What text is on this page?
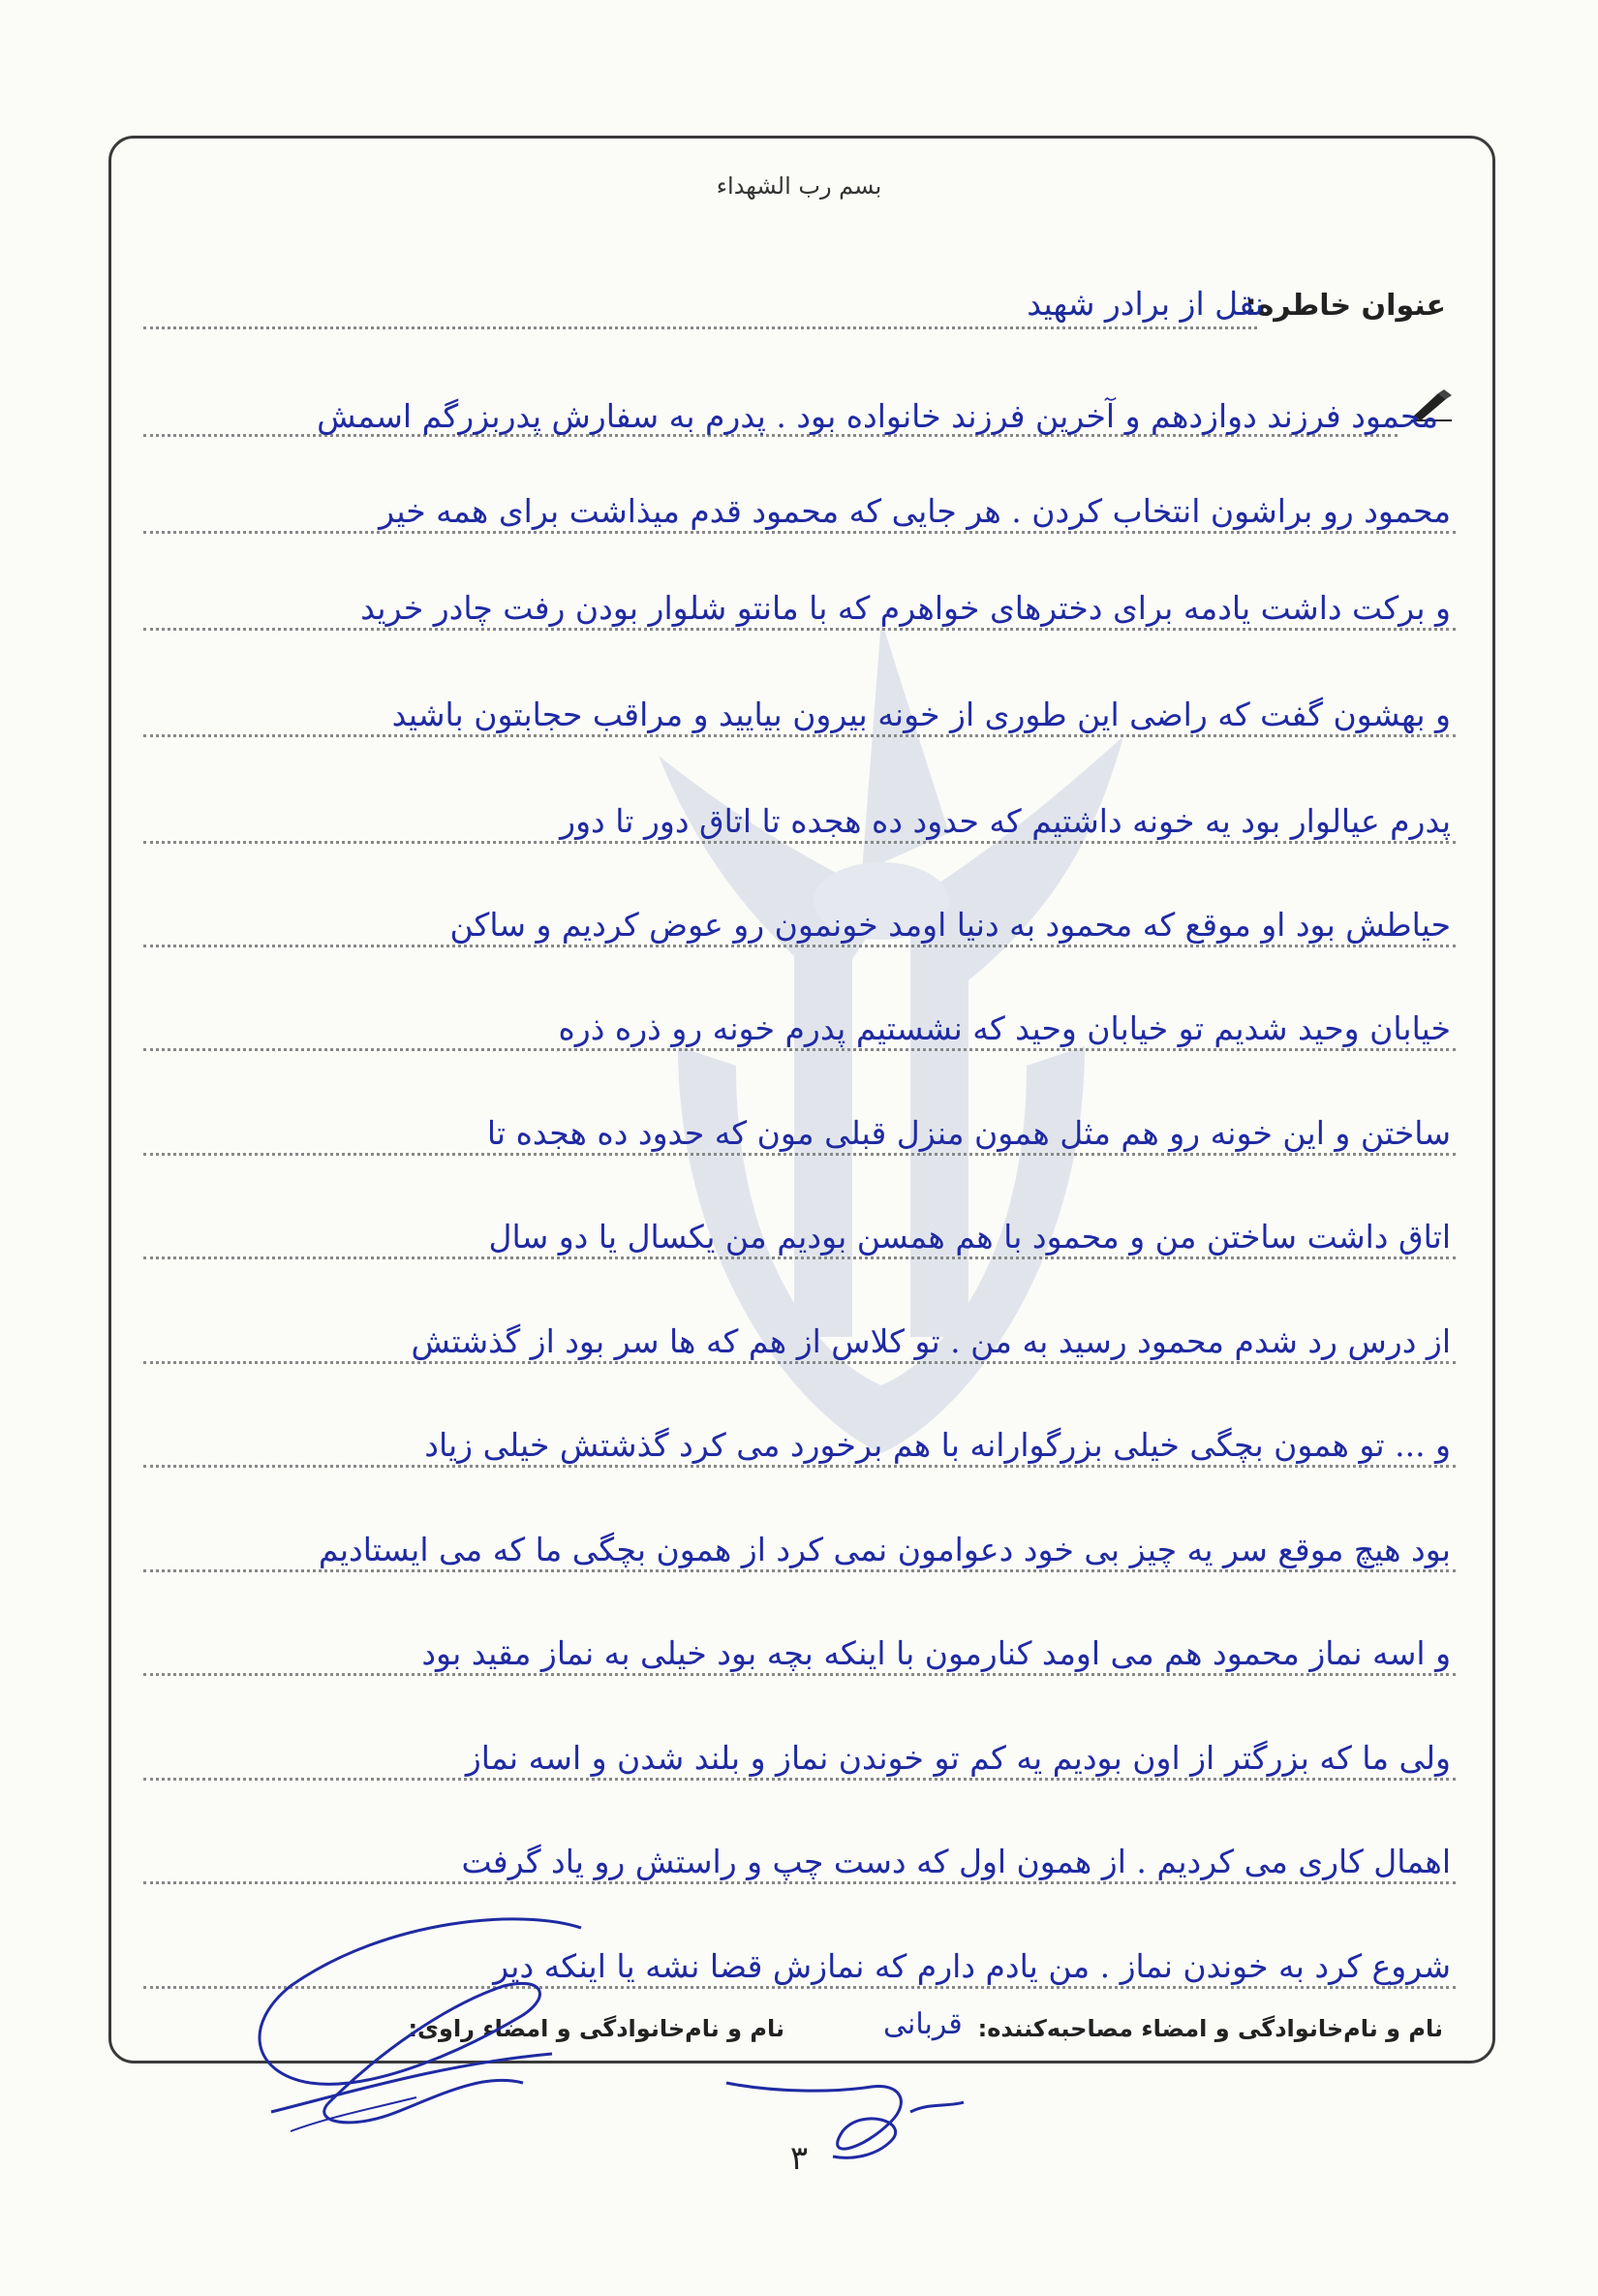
بسم رب الشهداء
عنوان خاطره:
نقل از برادر شهید
محمود فرزند دوازدهم و آخرین فرزند خانواده بود . پدرم به سفارش پدربزرگم اسمش
محمود رو براشون انتخاب کردن . هر جایی که محمود قدم میذاشت برای همه خیر
و برکت داشت یادمه برای دخترهای خواهرم که با مانتو شلوار بودن رفت چادر خرید
و بهشون گفت که راضی این طوری از خونه بیرون بیایید و مراقب حجابتون باشید
پدرم عیالوار بود یه خونه داشتیم که حدود ده هجده تا اتاق دور تا دور
حیاطش بود او موقع که محمود به دنیا اومد خونمون رو عوض کردیم و ساکن
خیابان وحید شدیم تو خیابان وحید که نشستیم پدرم خونه رو ذره ذره
ساختن و این خونه رو هم مثل همون منزل قبلی مون که حدود ده هجده تا
اتاق داشت ساختن من و محمود با هم همسن بودیم من یکسال یا دو سال
از درس رد شدم محمود رسید به من . تو کلاس از هم که ها سر بود از گذشتش
و ... تو همون بچگی خیلی بزرگوارانه با هم برخورد می کرد گذشتش خیلی زیاد
بود هیچ موقع سر یه چیز بی خود دعوامون نمی کرد از همون بچگی ما که می ایستادیم
و اسه نماز محمود هم می اومد کنارمون با اینکه بچه بود خیلی به نماز مقید بود
ولی ما که بزرگتر از اون بودیم یه کم تو خوندن نماز و بلند شدن و اسه نماز
اهمال کاری می کردیم . از همون اول که دست چپ و راستش رو یاد گرفت
شروع کرد به خوندن نماز . من یادم دارم که نمازش قضا نشه یا اینکه دیر
نام و نام‌خانوادگی و امضاء مصاحبه‌کننده:
قربانی
نام و نام‌خانوادگی و امضاء راوی:
۳
